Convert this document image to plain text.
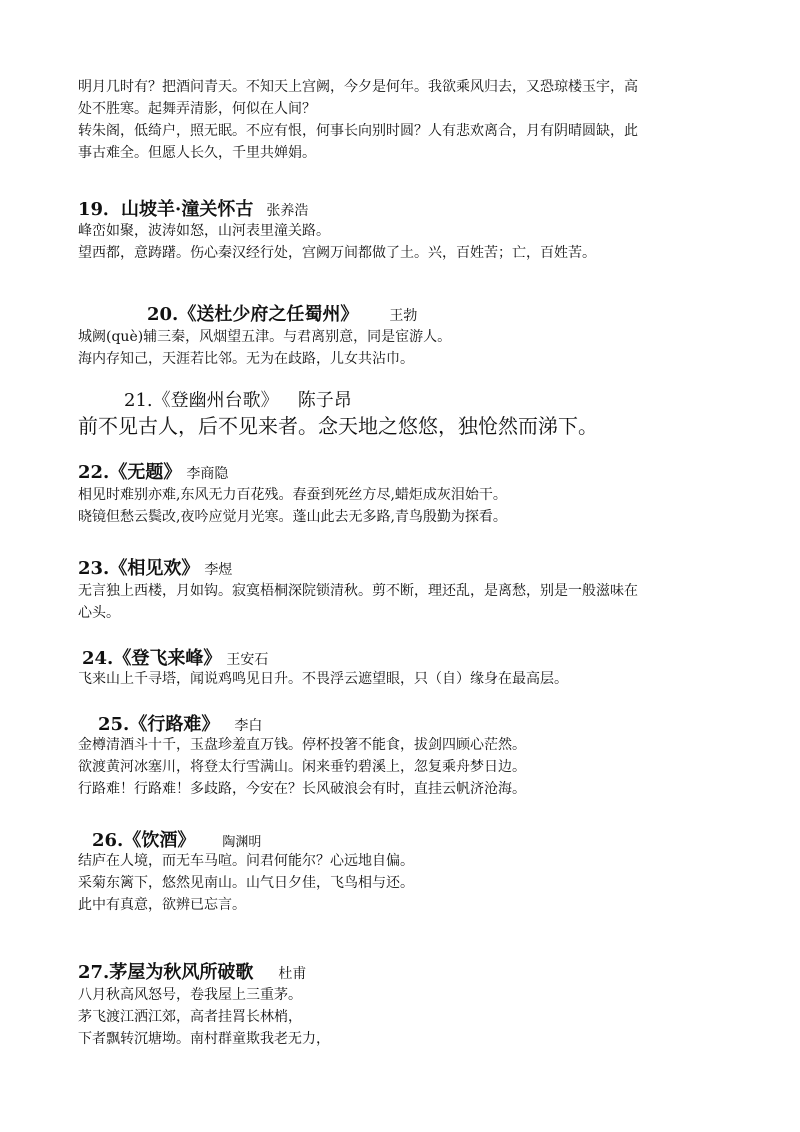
明月几时有？把酒问青天。不知天上宫阙，今夕是何年。我欲乘风归去，又恐琼楼玉宇，高
处不胜寒。起舞弄清影，何似在人间？
转朱阁，低绮户，照无眠。不应有恨，何事长向别时圆？人有悲欢离合，月有阴晴圆缺，此
事古难全。但愿人长久，千里共婵娟。
19．山坡羊·潼关怀古 张养浩
峰峦如聚，波涛如怒，山河表里潼关路。
望西都，意踌躇。伤心秦汉经行处，宫阙万间都做了土。兴，百姓苦；亡，百姓苦。
20.《送杜少府之任蜀州》 王勃
城阙(què)辅三秦，风烟望五津。与君离别意，同是宦游人。
海内存知己，天涯若比邻。无为在歧路，儿女共沾巾。
21.《登幽州台歌》 陈子昂
前不见古人，后不见来者。念天地之悠悠，独怆然而涕下。
22.《无题》 李商隐
相见时难别亦难,东风无力百花残。春蚕到死丝方尽,蜡炬成灰泪始干。
晓镜但愁云鬓改,夜吟应觉月光寒。蓬山此去无多路,青鸟殷勤为探看。
23.《相见欢》 李煜
无言独上西楼，月如钩。寂寞梧桐深院锁清秋。剪不断，理还乱，是离愁，别是一般滋味在
心头。
24.《登飞来峰》 王安石
飞来山上千寻塔，闻说鸡鸣见日升。不畏浮云遮望眼，只（自）缘身在最高层。
25.《行路难》 李白
金樽清酒斗十千，玉盘珍羞直万钱。停杯投箸不能食，拔剑四顾心茫然。
欲渡黄河冰塞川，将登太行雪满山。闲来垂钓碧溪上，忽复乘舟梦日边。
行路难！行路难！多歧路，今安在？长风破浪会有时，直挂云帆济沧海。
26.《饮酒》 陶渊明
结庐在人境，而无车马喧。问君何能尔？心远地自偏。
采菊东篱下，悠然见南山。山气日夕佳，飞鸟相与还。
此中有真意，欲辨已忘言。
27.茅屋为秋风所破歌 杜甫
八月秋高风怒号，卷我屋上三重茅。
茅飞渡江洒江郊，高者挂罥长林梢，
下者飘转沉塘坳。南村群童欺我老无力，
